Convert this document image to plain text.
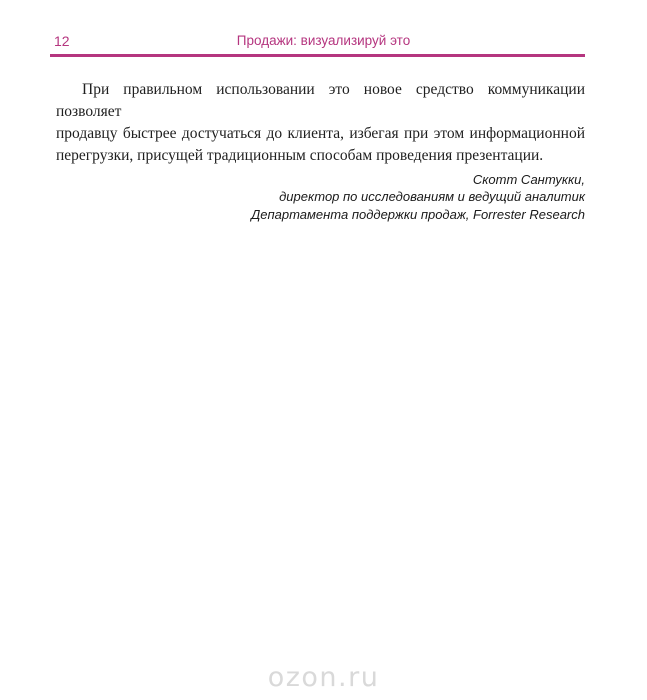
12	Продажи: визуализируй это
При правильном использовании это новое средство коммуникации позволяет
продавцу быстрее достучаться до клиента, избегая при этом информационной
перегрузки, присущей традиционным способам проведения презентации.
Скотт Сантукки,
директор по исследованиям и ведущий аналитик
Департамента поддержки продаж, Forrester Research
ozon.ru
